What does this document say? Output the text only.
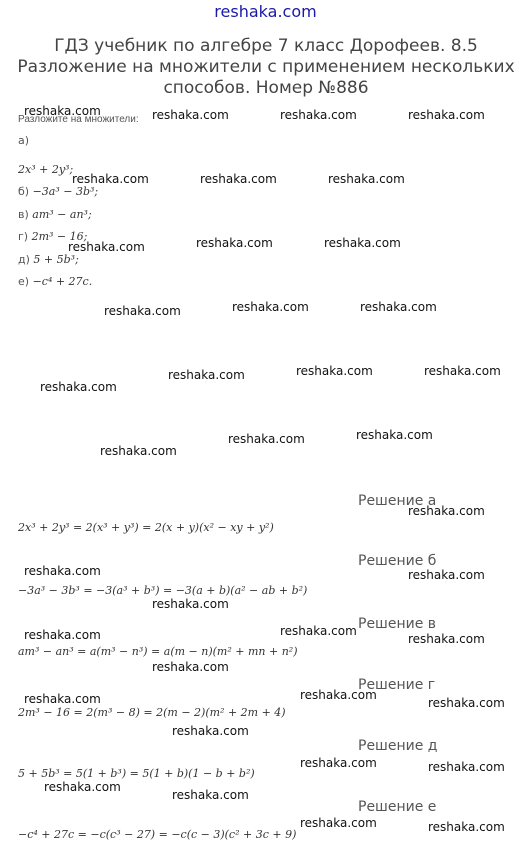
reshaka.com
ГДЗ учебник по алгебре 7 класс Дорофеев. 8.5 Разложение на множители с применением нескольких способов. Номер №886
Разложите на множители:
а)
2x³ + 2y³;
б) −3a³ − 3b³;
в) am³ − an³;
г) 2m³ − 16;
д) 5 + 5b³;
е) −c⁴ + 27c.
Решение а
2x³ + 2y³ = 2(x³ + y³) = 2(x + y)(x² − xy + y²)
Решение б
−3a³ − 3b³ = −3(a³ + b³) = −3(a + b)(a² − ab + b²)
Решение в
am³ − an³ = a(m³ − n³) = a(m − n)(m² + mn + n²)
Решение г
2m³ − 16 = 2(m³ − 8) = 2(m − 2)(m² + 2m + 4)
Решение д
5 + 5b³ = 5(1 + b³) = 5(1 + b)(1 − b + b²)
Решение е
−c⁴ + 27c = −c(c³ − 27) = −c(c − 3)(c² + 3c + 9)
reshaka.com	reshaka.com	reshaka.com	reshaka.com
reshaka.com	reshaka.com	reshaka.com
reshaka.com	reshaka.com	reshaka.com
reshaka.com	reshaka.com	reshaka.com
reshaka.com
reshaka.com	reshaka.com	reshaka.com
reshaka.com
reshaka.com	reshaka.com
reshaka.com
reshaka.com	reshaka.com
reshaka.com
reshaka.com	reshaka.com
reshaka.com
reshaka.com
reshaka.com	reshaka.com
reshaka.com
reshaka.com
reshaka.com	reshaka.com
reshaka.com
reshaka.com
reshaka.com	reshaka.com
